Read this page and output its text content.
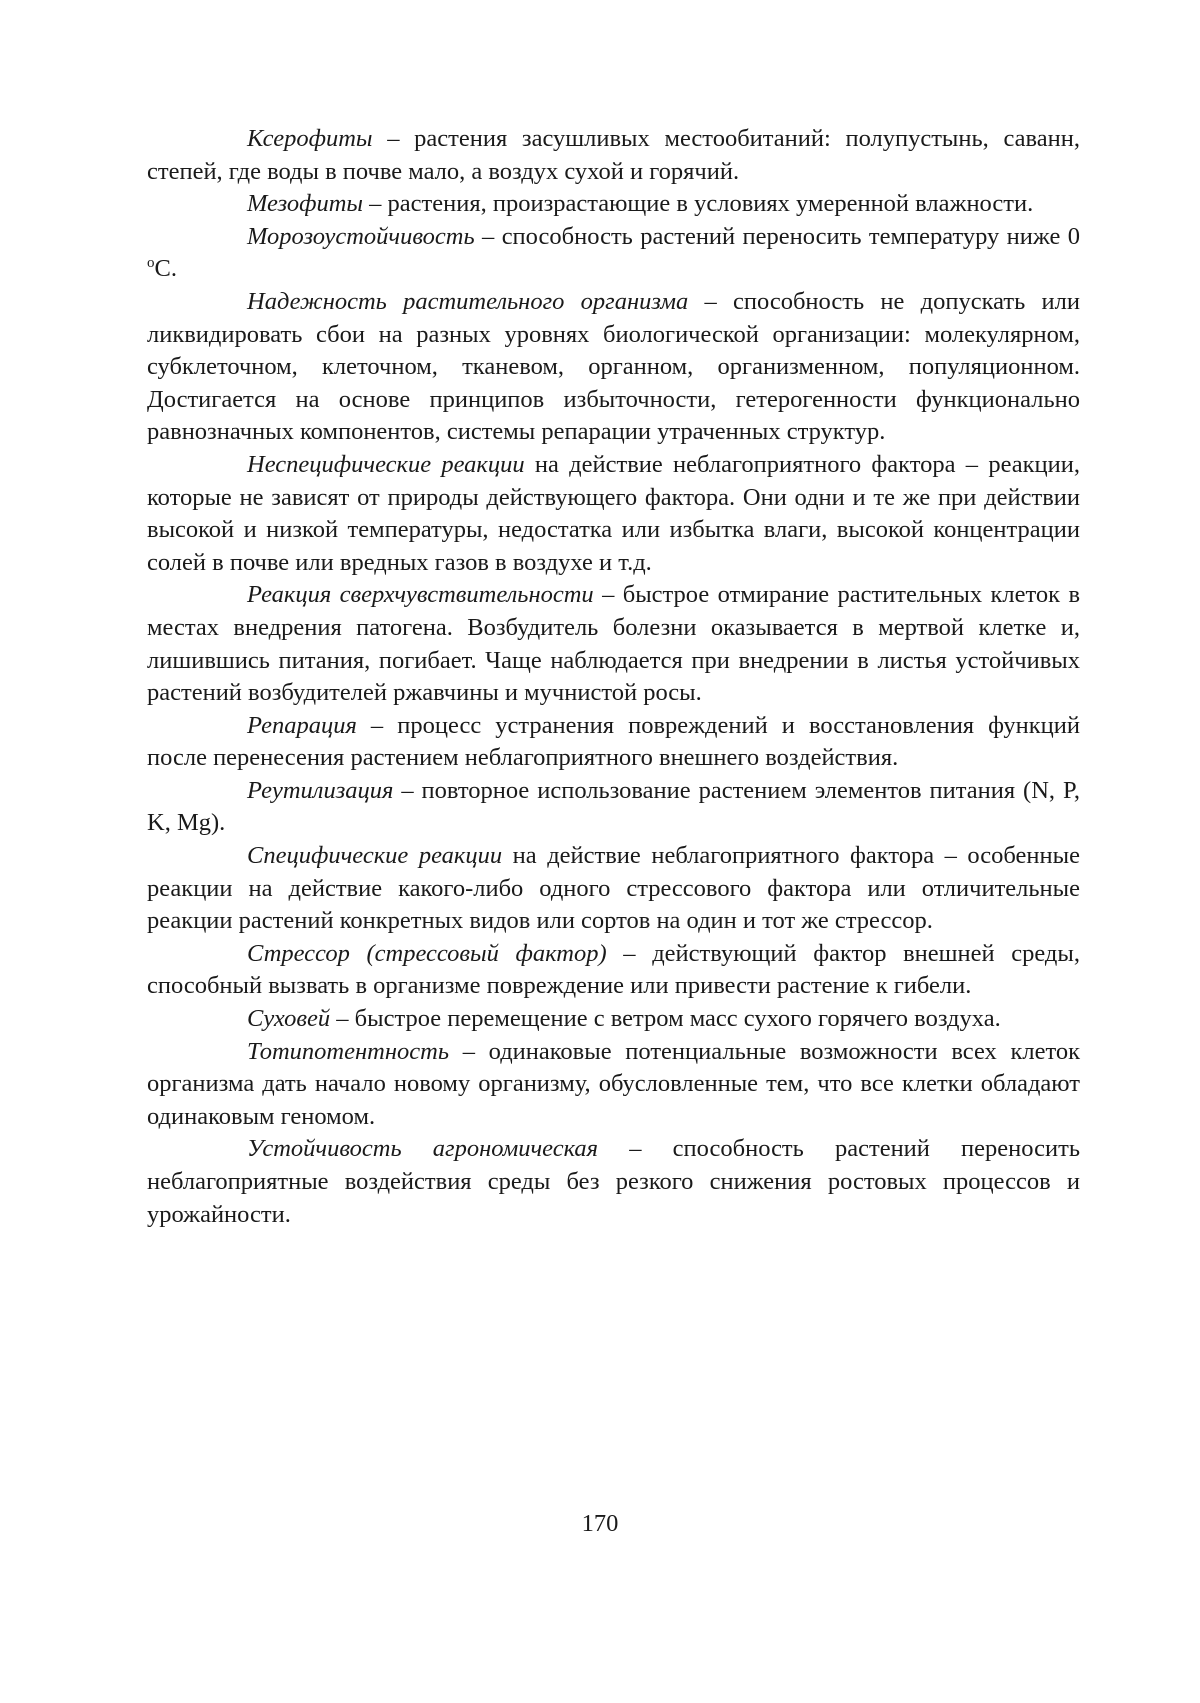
Ксерофиты – растения засушливых местообитаний: полупустынь, саванн, степей, где воды в почве мало, а воздух сухой и горячий.

Мезофиты – растения, произрастающие в условиях умеренной влажности.

Морозоустойчивость – способность растений переносить температуру ниже 0 $^о$С.

Надежность растительного организма – способность не допускать или ликвидировать сбои на разных уровнях биологической организации: молекулярном, субклеточном, клеточном, тканевом, органном, организменном, популяционном. Достигается на основе принципов избыточности, гетерогенности функционально равнозначных компонентов, системы репарации утраченных структур.

Неспецифические реакции на действие неблагоприятного фактора – реакции, которые не зависят от природы действующего фактора. Они одни и те же при действии высокой и низкой температуры, недостатка или избытка влаги, высокой концентрации солей в почве или вредных газов в воздухе и т.д.

Реакция сверхчувствительности – быстрое отмирание растительных клеток в местах внедрения патогена. Возбудитель болезни оказывается в мертвой клетке и, лишившись питания, погибает. Чаще наблюдается при внедрении в листья устойчивых растений возбудителей ржавчины и мучнистой росы.

Репарация – процесс устранения повреждений и восстановления функций после перенесения растением неблагоприятного внешнего воздействия.

Реутилизация – повторное использование растением элементов питания (N, P, K, Mg).

Специфические реакции на действие неблагоприятного фактора – особенные реакции на действие какого-либо одного стрессового фактора или отличительные реакции растений конкретных видов или сортов на один и тот же стрессор.

Стрессор (стрессовый фактор) – действующий фактор внешней среды, способный вызвать в организме повреждение или привести растение к гибели.

Суховей – быстрое перемещение с ветром масс сухого горячего воздуха.

Тотипотентность – одинаковые потенциальные возможности всех клеток организма дать начало новому организму, обусловленные тем, что все клетки обладают одинаковым геномом.

Устойчивость агрономическая – способность растений переносить неблагоприятные воздействия среды без резкого снижения ростовых процессов и урожайности.

170
